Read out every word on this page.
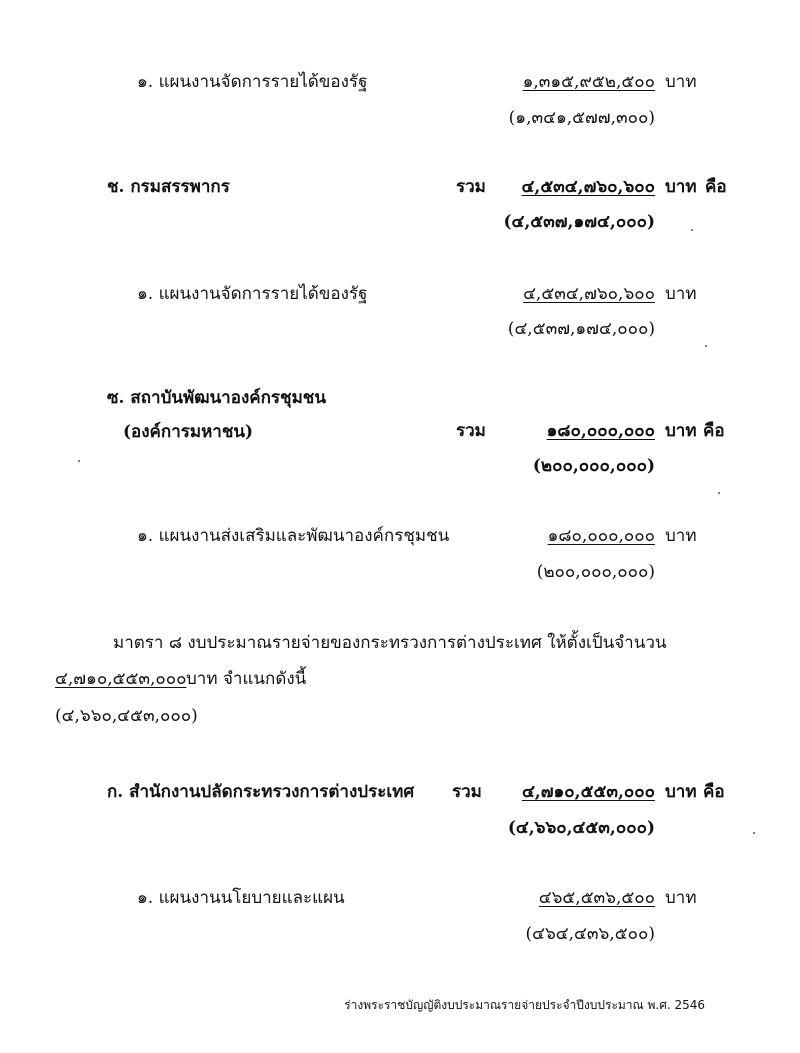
๑. แผนงานจัดการรายได้ของรัฐ	๑,๓๑๕,๙๕๒,๕๐๐ บาท
(๑,๓๔๑,๕๗๗,๓๐๐)
ช. กรมสรรพากร	รวม ๔,๕๓๔,๗๖๐,๖๐๐ บาท คือ
(๔,๕๓๗,๑๗๔,๐๐๐)
๑. แผนงานจัดการรายได้ของรัฐ	๔,๕๓๔,๗๖๐,๖๐๐ บาท
(๔,๕๓๗,๑๗๔,๐๐๐)
ซ. สถาบันพัฒนาองค์กรชุมชน
(องค์การมหาชน)	รวม	๑๘๐,๐๐๐,๐๐๐ บาท คือ
(๒๐๐,๐๐๐,๐๐๐)
๑. แผนงานส่งเสริมและพัฒนาองค์กรชุมชน	๑๘๐,๐๐๐,๐๐๐ บาท
(๒๐๐,๐๐๐,๐๐๐)
มาตรา ๘ งบประมาณรายจ่ายของกระทรวงการต่างประเทศ ให้ตั้งเป็นจำนวน
๔,๗๑๐,๕๕๓,๐๐๐ บาท จำแนกดังนี้
(๔,๖๖๐,๔๕๓,๐๐๐)
ก. สำนักงานปลัดกระทรวงการต่างประเทศ รวม ๔,๗๑๐,๕๕๓,๐๐๐ บาท คือ
(๔,๖๖๐,๔๕๓,๐๐๐)
๑. แผนงานนโยบายและแผน	๔๖๕,๕๓๖,๕๐๐ บาท
(๔๖๔,๔๓๖,๕๐๐)
ร่างพระราชบัญญัติงบประมาณรายจ่ายประจำปีงบประมาณ พ.ศ. 2546
